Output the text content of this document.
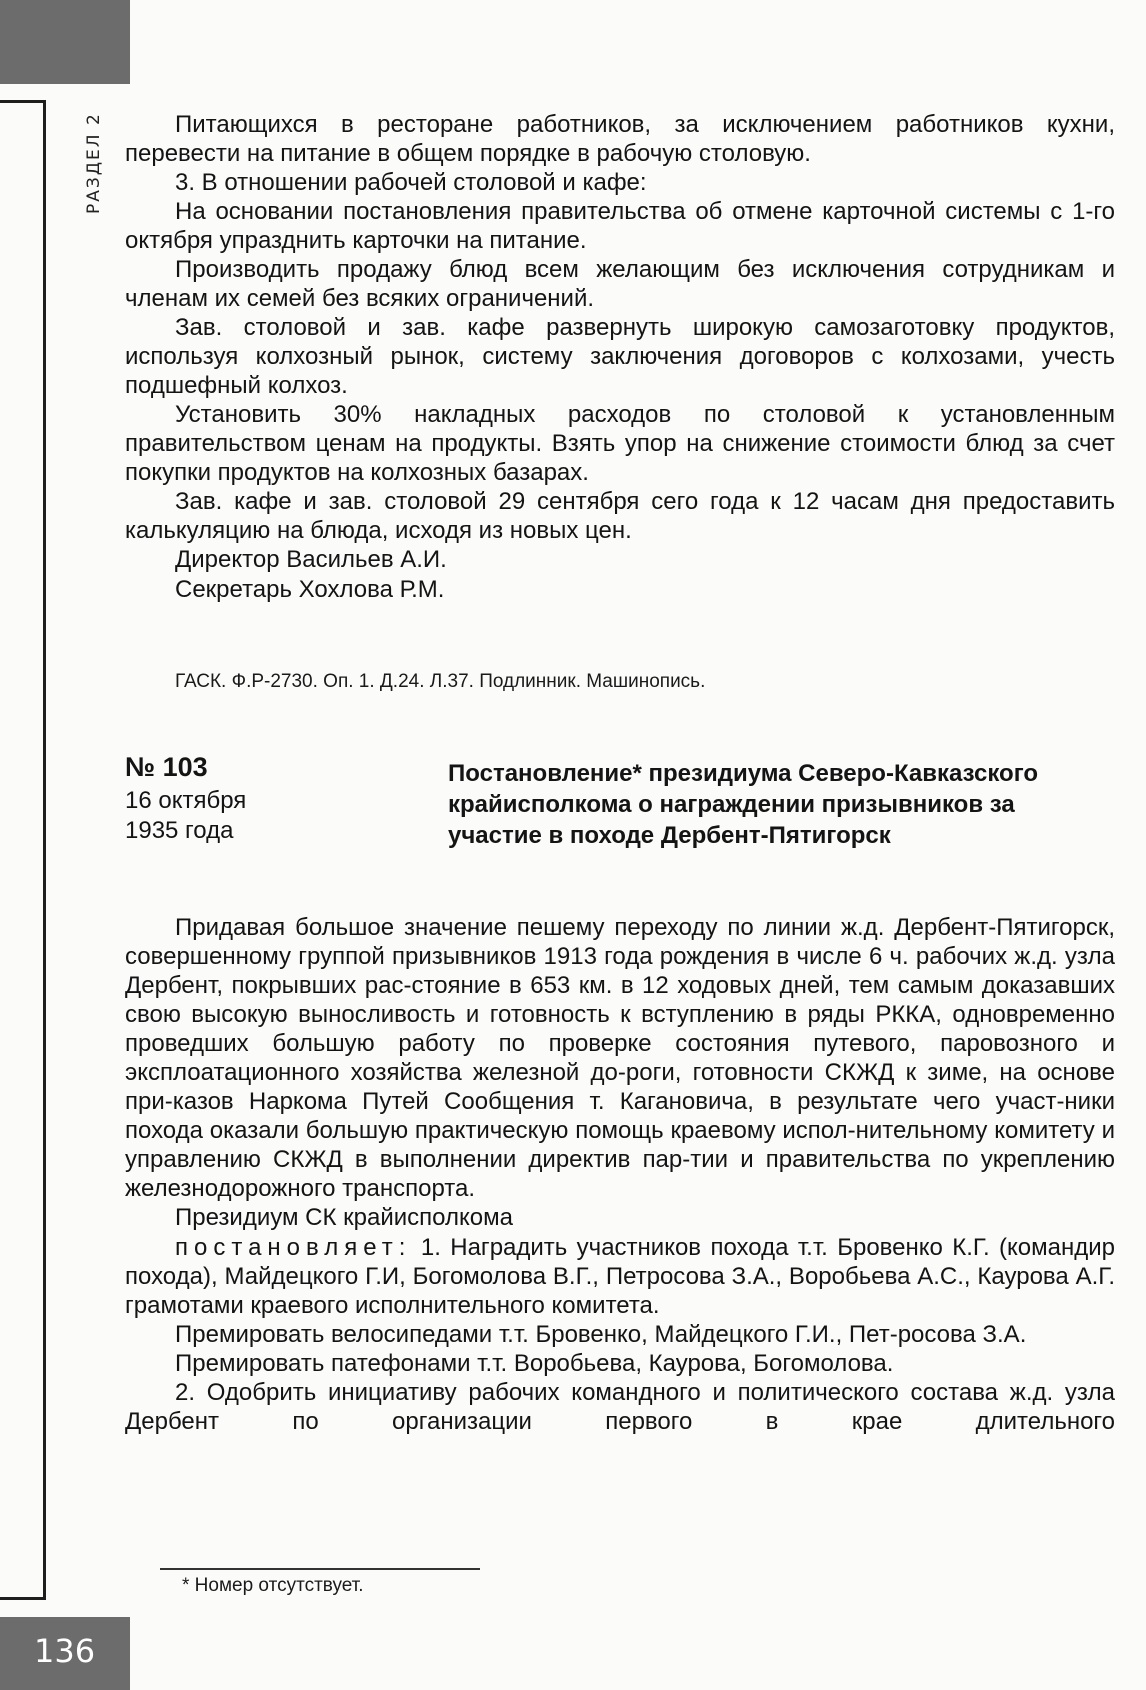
РАЗДЕЛ 2
136

Питающихся в ресторане работников, за исключением работников кухни, перевести на питание в общем порядке в рабочую столовую.

3. В отношении рабочей столовой и кафе:

На основании постановления правительства об отмене карточной системы с 1-го октября упразднить карточки на питание.

Производить продажу блюд всем желающим без исключения сотрудникам и членам их семей без всяких ограничений.

Зав. столовой и зав. кафе развернуть широкую самозаготовку продуктов, используя колхозный рынок, систему заключения договоров с колхозами, учесть подшефный колхоз.

Установить 30% накладных расходов по столовой к установленным правительством ценам на продукты. Взять упор на снижение стоимости блюд за счет покупки продуктов на колхозных базарах.

Зав. кафе и зав. столовой 29 сентября сего года к 12 часам дня предоставить калькуляцию на блюда, исходя из новых цен.

Директор Васильев А.И.

Секретарь Хохлова Р.М.

ГАСК. Ф.Р-2730. Оп. 1. Д.24. Л.37. Подлинник. Машинопись.
№ 103
16 октября
1935 года
Постановление* президиума Северо-Кавказского крайисполкома о награждении призывников за участие в походе Дербент-Пятигорск

Придавая большое значение пешему переходу по линии ж.д. Дербент-Пятигорск, совершенному группой призывников 1913 года рождения в числе 6 ч. рабочих ж.д. узла Дербент, покрывших рас-стояние в 653 км. в 12 ходовых дней, тем самым доказавших свою высокую выносливость и готовность к вступлению в ряды РККА, одновременно проведших большую работу по проверке состояния путевого, паровозного и эксплоатационного хозяйства железной до-роги, готовности СКЖД к зиме, на основе при-казов Наркома Путей Сообщения т. Кагановича, в результате чего участ-ники похода оказали большую практическую помощь краевому испол-нительному комитету и управлению СКЖД в выполнении директив пар-тии и правительства по укреплению железнодорожного транспорта.

Президиум СК крайисполкома

постановляет: 1. Наградить участников похода т.т. Бровенко К.Г. (командир похода), Майдецкого Г.И, Богомолова В.Г., Петросова З.А., Воробьева А.С., Каурова А.Г. грамотами краевого исполнительного комитета.

Премировать велосипедами т.т. Бровенко, Майдецкого Г.И., Пет-росова З.А.

Премировать патефонами т.т. Воробьева, Каурова, Богомолова.

2. Одобрить инициативу рабочих командного и политического состава ж.д. узла Дербент по организации первого в крае длительного

* Номер отсутствует.
